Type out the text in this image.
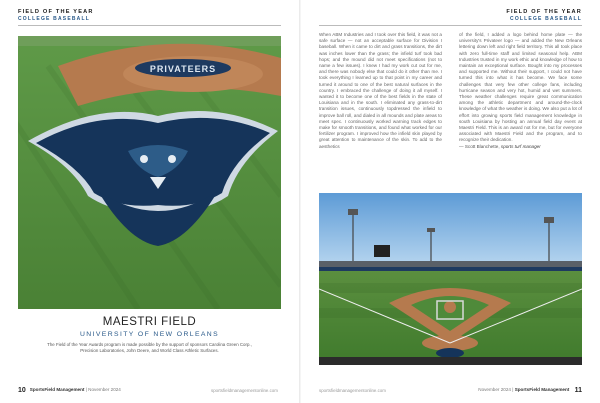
FIELD OF THE YEAR
COLLEGE BASEBALL
PRIVATEERS
MAESTRI FIELD
UNIVERSITY OF NEW ORLEANS
The Field of the Year Awards program is made possible by the support of sponsors Carolina Green Corp., Precision Laboratories, John Deere, and World Class Athletic Surfaces.
10 SportsField Management | November 2024	sportsfieldmanagementonline.com
FIELD OF THE YEAR
COLLEGE BASEBALL

When ABM Industries and I took over this field, it was not a safe surface — not an acceptable surface for Division I baseball. When it came to dirt and grass transitions, the dirt was inches lower than the grass; the infield turf took bad hops; and the mound did not meet specifications (not to name a few issues). I knew I had my work cut out for me, and there was nobody else that could do it other than me. I took everything I learned up to that point in my career and turned it around to one of the best natural surfaces in the country. I embraced the challenge of doing it all myself. I wanted it to become one of the best fields in the state of Louisiana and in the south. I eliminated any grass-to-dirt transition issues, continuously topdressed the infield to improve ball roll, and dialed in all mounds and plate areas to meet spec. I continuously worked warning track edges to make for smooth transitions, and found what worked for our fertilizer program. I improved how the infield skin played by great attention to maintenance of the skin. To add to the aesthetics

of the field, I added a logo behind home plate — the university's Privateer logo — and added the New Orleans lettering down left and right field territory. This all took place with zero full-time staff and limited seasonal help. ABM Industries trusted in my work ethic and knowledge of how to maintain an exceptional surface. Bought into my processes and supported me. Without their support, I could not have turned this into what it has become. We face some challenges that very few other college fans, including hurricane season and very hot, humid and wet summers. These weather challenges require great communication among the athletic department and around-the-clock knowledge of what the weather is doing. We also put a lot of effort into growing sports field management knowledge in south Louisiana by hosting an annual field day event at Maestri Field. This is an award not for me, but for everyone associated with Maestri Field and the program, and to recognize their dedication.

— Scott Blanchette, sports turf manager

November 2024 | SportsField Management 11
sportsfieldmanagementonline.com
